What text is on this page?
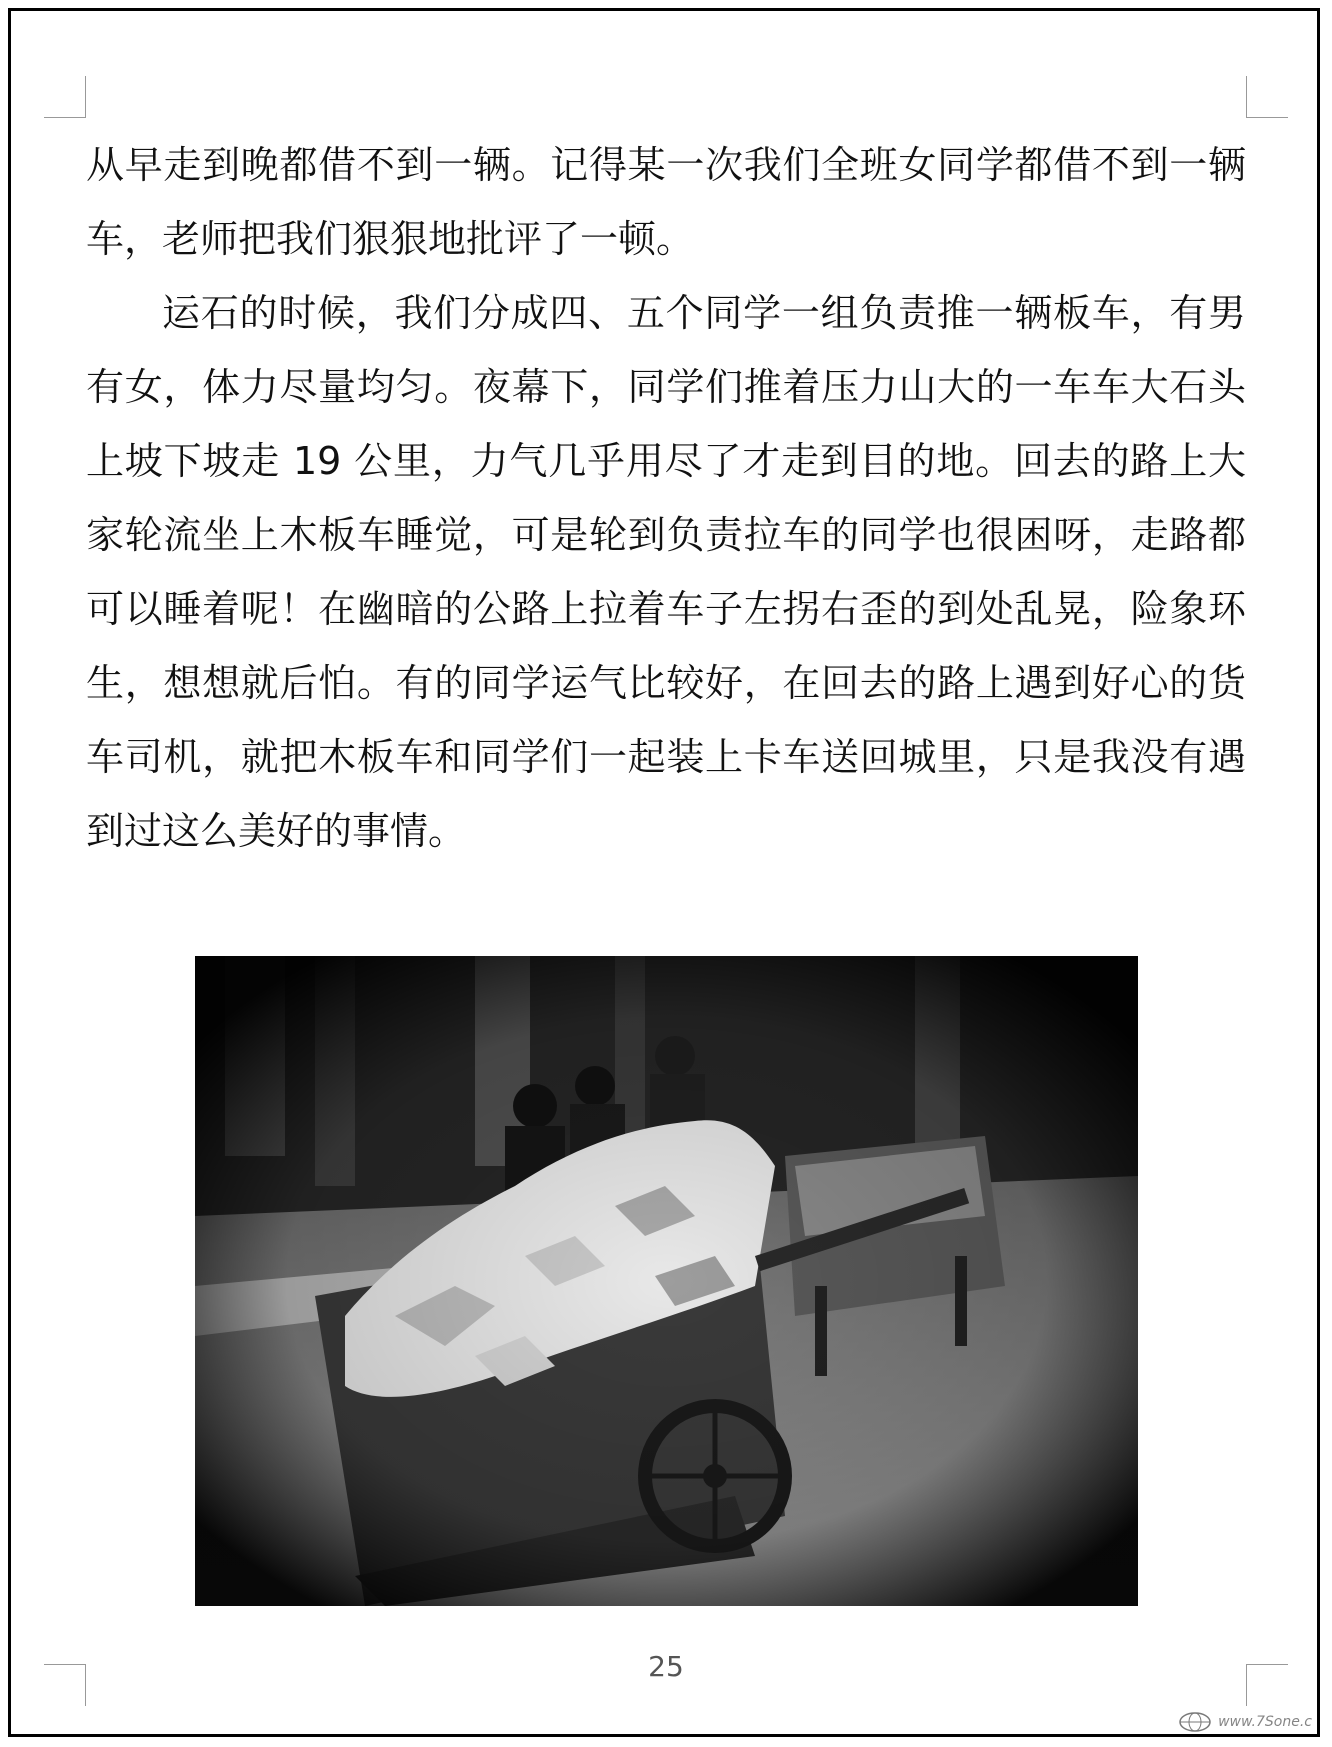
从早走到晚都借不到一辆。记得某一次我们全班女同学都借不到一辆车，老师把我们狠狠地批评了一顿。

运石的时候，我们分成四、五个同学一组负责推一辆板车，有男有女，体力尽量均匀。夜幕下，同学们推着压力山大的一车车大石头上坡下坡走 19 公里，力气几乎用尽了才走到目的地。回去的路上大家轮流坐上木板车睡觉，可是轮到负责拉车的同学也很困呀，走路都可以睡着呢！在幽暗的公路上拉着车子左拐右歪的到处乱晃，险象环生，想想就后怕。有的同学运气比较好，在回去的路上遇到好心的货车司机，就把木板车和同学们一起装上卡车送回城里，只是我没有遇到过这么美好的事情。

25
www.7Sone.c
